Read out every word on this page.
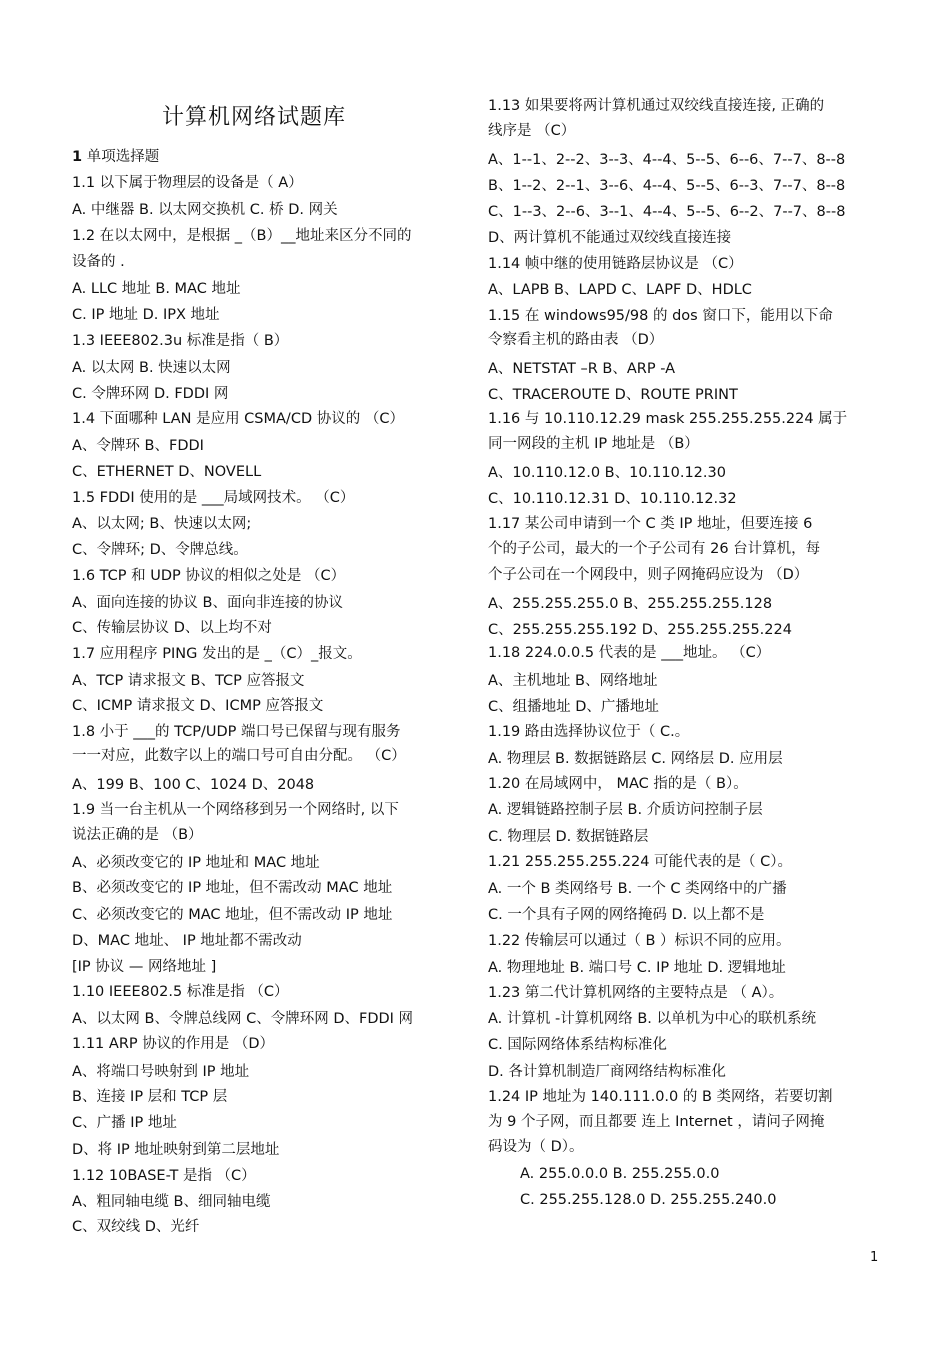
计算机网络试题库
1 单项选择题
1.1 以下属于物理层的设备是（ A）
A. 中继器 B. 以太网交换机 C. 桥 D. 网关
1.2 在以太网中，是根据 _（B）__地址来区分不同的
设备的 .
A. LLC 地址 B. MAC 地址
C. IP 地址 D. IPX 地址
1.3 IEEE802.3u 标准是指（ B）
A. 以太网 B. 快速以太网
C. 令牌环网 D. FDDI 网
1.4 下面哪种 LAN 是应用 CSMA/CD 协议的 （C）
A、令牌环 B、FDDI
C、ETHERNET D、NOVELL
1.5 FDDI 使用的是 ___局域网技术。 （C）
A、以太网; B、快速以太网;
C、令牌环; D、令牌总线。
1.6 TCP 和 UDP 协议的相似之处是 （C）
A、面向连接的协议 B、面向非连接的协议
C、传输层协议 D、以上均不对
1.7 应用程序 PING 发出的是 _（C）_报文。
A、TCP 请求报文 B、TCP 应答报文
C、ICMP 请求报文 D、ICMP 应答报文
1.8 小于 ___的 TCP/UDP 端口号已保留与现有服务
一一对应，此数字以上的端口号可自由分配。 （C）
A、199 B、100 C、1024 D、2048
1.9 当一台主机从一个网络移到另一个网络时, 以下
说法正确的是 （B）
A、必须改变它的 IP 地址和 MAC 地址
B、必须改变它的 IP 地址，但不需改动 MAC 地址
C、必须改变它的 MAC 地址，但不需改动 IP 地址
D、MAC 地址、 IP 地址都不需改动
[IP 协议 — 网络地址 ]
1.10 IEEE802.5 标准是指 （C）
A、以太网 B、令牌总线网 C、令牌环网 D、FDDI 网
1.11 ARP 协议的作用是 （D）
A、将端口号映射到 IP 地址
B、连接 IP 层和 TCP 层
C、广播 IP 地址
D、将 IP 地址映射到第二层地址
1.12 10BASE-T 是指 （C）
A、粗同轴电缆 B、细同轴电缆
C、双绞线 D、光纤
1.13 如果要将两计算机通过双绞线直接连接, 正确的
线序是 （C）
A、1--1、2--2、3--3、4--4、5--5、6--6、7--7、8--8
B、1--2、2--1、3--6、4--4、5--5、6--3、7--7、8--8
C、1--3、2--6、3--1、4--4、5--5、6--2、7--7、8--8
D、两计算机不能通过双绞线直接连接
1.14 帧中继的使用链路层协议是 （C）
A、LAPB B、LAPD C、LAPF D、HDLC
1.15 在 windows95/98 的 dos 窗口下，能用以下命
令察看主机的路由表 （D）
A、NETSTAT –R B、ARP -A
C、TRACEROUTE D、ROUTE PRINT
1.16 与 10.110.12.29 mask 255.255.255.224 属于
同一网段的主机 IP 地址是 （B）
A、10.110.12.0 B、10.110.12.30
C、10.110.12.31 D、10.110.12.32
1.17 某公司申请到一个 C 类 IP 地址，但要连接 6
个的子公司，最大的一个子公司有 26 台计算机，每
个子公司在一个网段中，则子网掩码应设为 （D）
A、255.255.255.0 B、255.255.255.128
C、255.255.255.192 D、255.255.255.224
1.18 224.0.0.5 代表的是 ___地址。 （C）
A、主机地址 B、网络地址
C、组播地址 D、广播地址
1.19 路由选择协议位于（ C.。
A. 物理层 B. 数据链路层 C. 网络层 D. 应用层
1.20 在局域网中， MAC 指的是（ B）。
A. 逻辑链路控制子层 B. 介质访问控制子层
C. 物理层 D. 数据链路层
1.21 255.255.255.224 可能代表的是（ C）。
A. 一个 B 类网络号 B. 一个 C 类网络中的广播
C. 一个具有子网的网络掩码 D. 以上都不是
1.22 传输层可以通过（ B ）标识不同的应用。
A. 物理地址 B. 端口号 C. IP 地址 D. 逻辑地址
1.23 第二代计算机网络的主要特点是 （ A）。
A. 计算机 -计算机网络 B. 以单机为中心的联机系统
C. 国际网络体系结构标准化
D. 各计算机制造厂商网络结构标准化
1.24 IP 地址为 140.111.0.0 的 B 类网络，若要切割
为 9 个子网，而且都要 连上 Internet ，请问子网掩
码设为（ D）。
A. 255.0.0.0 B. 255.255.0.0
C. 255.255.128.0 D. 255.255.240.0
1
